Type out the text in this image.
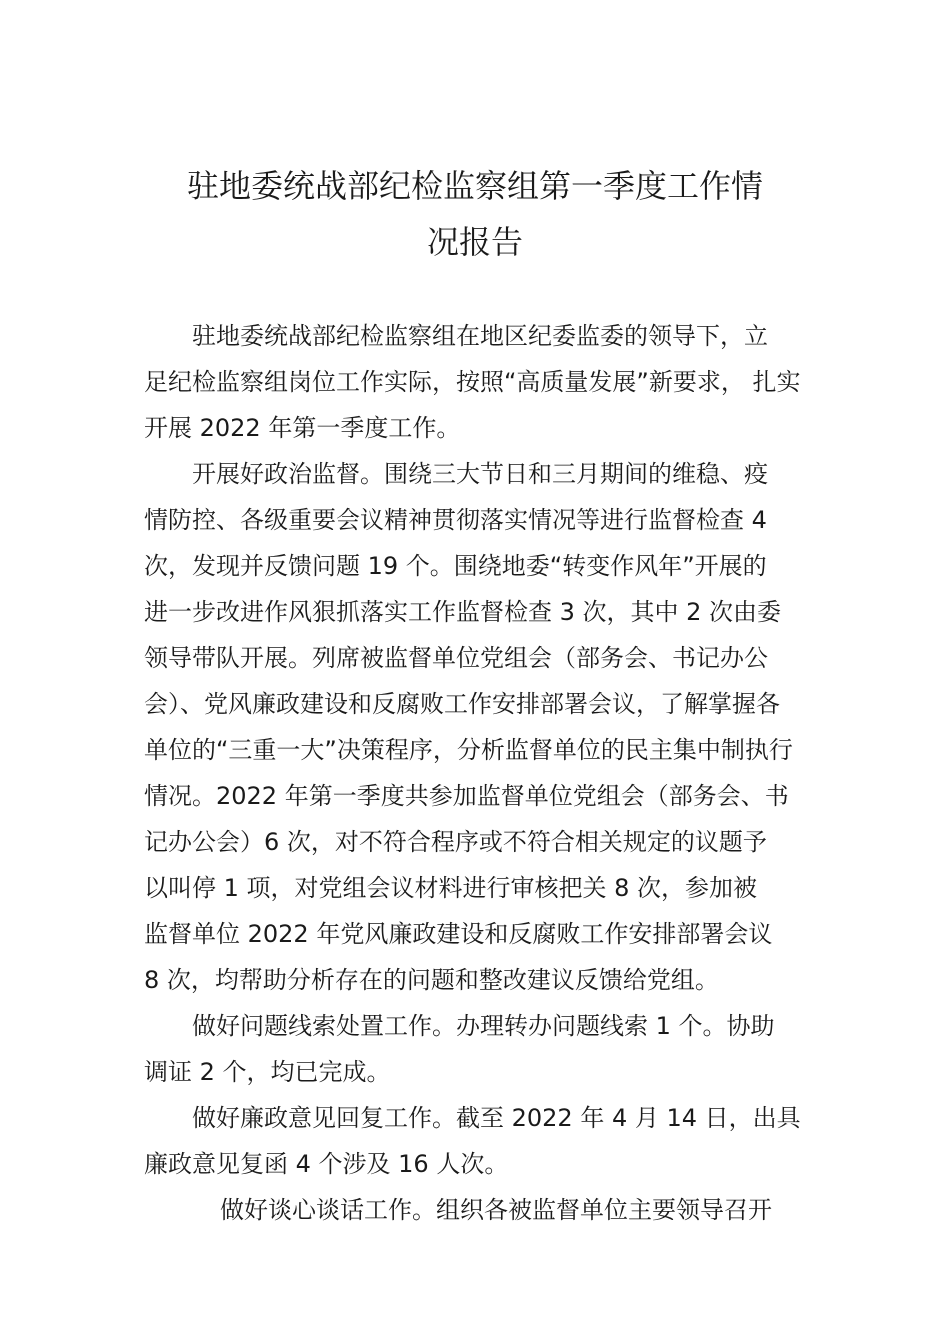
驻地委统战部纪检监察组第一季度工作情
况报告
驻地委统战部纪检监察组在地区纪委监委的领导下，立
足纪检监察组岗位工作实际，按照“高质量发展”新要求， 扎实
开展 2022 年第一季度工作。
开展好政治监督。围绕三大节日和三月期间的维稳、疫
情防控、各级重要会议精神贯彻落实情况等进行监督检查 4
次，发现并反馈问题 19 个。围绕地委“转变作风年”开展的
进一步改进作风狠抓落实工作监督检查 3 次，其中 2 次由委
领导带队开展。列席被监督单位党组会（部务会、书记办公
会）、党风廉政建设和反腐败工作安排部署会议，了解掌握各
单位的“三重一大”决策程序，分析监督单位的民主集中制执行
情况。2022 年第一季度共参加监督单位党组会（部务会、书
记办公会）6 次，对不符合程序或不符合相关规定的议题予
以叫停 1 项，对党组会议材料进行审核把关 8 次，参加被
监督单位 2022 年党风廉政建设和反腐败工作安排部署会议
8 次，均帮助分析存在的问题和整改建议反馈给党组。
做好问题线索处置工作。办理转办问题线索 1 个。协助
调证 2 个，均已完成。
做好廉政意见回复工作。截至 2022 年 4 月 14 日，出具
廉政意见复函 4 个涉及 16 人次。
做好谈心谈话工作。组织各被监督单位主要领导召开
